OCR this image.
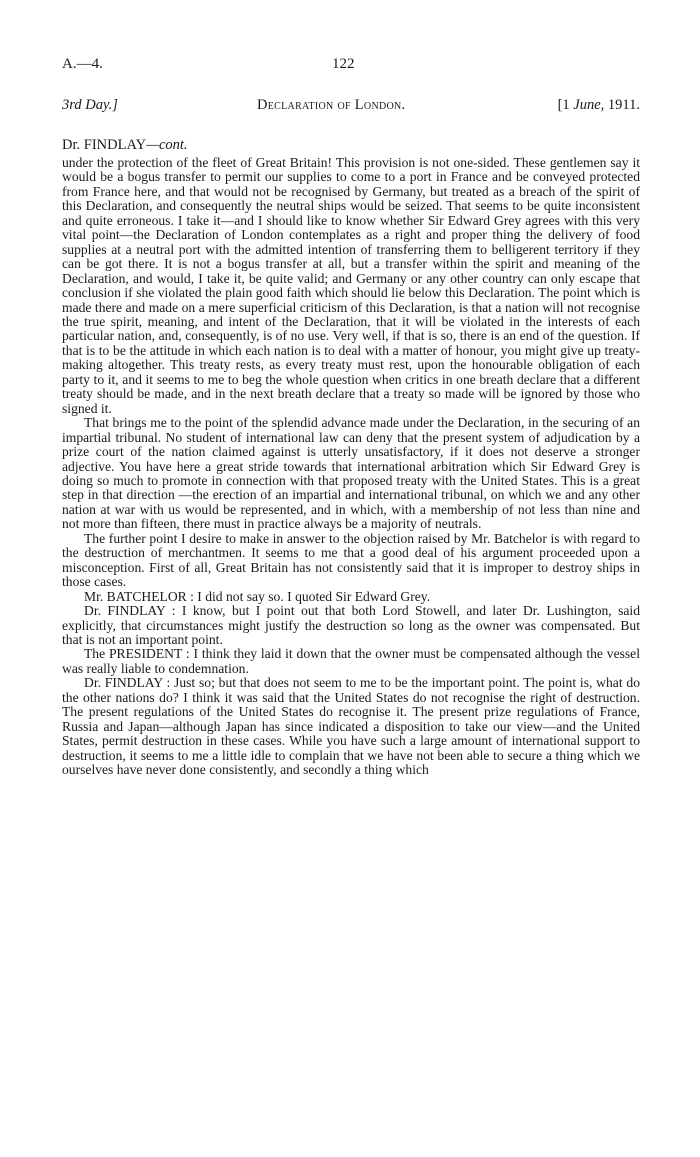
A.—4.	122
3rd Day.]	Declaration of London.	[1 June, 1911.
Dr. FINDLAY—cont.

under the protection of the fleet of Great Britain! This provision is not one-sided. These gentlemen say it would be a bogus transfer to permit our supplies to come to a port in France and be conveyed protected from France here, and that would not be recognised by Germany, but treated as a breach of the spirit of this Declaration, and consequently the neutral ships would be seized. That seems to be quite inconsistent and quite erroneous. I take it—and I should like to know whether Sir Edward Grey agrees with this very vital point—the Declaration of London contemplates as a right and proper thing the delivery of food supplies at a neutral port with the admitted intention of transferring them to belligerent territory if they can be got there. It is not a bogus transfer at all, but a transfer within the spirit and meaning of the Declaration, and would, I take it, be quite valid; and Germany or any other country can only escape that conclusion if she violated the plain good faith which should lie below this Declaration. The point which is made there and made on a mere superficial criticism of this Declaration, is that a nation will not recognise the true spirit, meaning, and intent of the Declaration, that it will be violated in the interests of each particular nation, and, consequently, is of no use. Very well, if that is so, there is an end of the question. If that is to be the attitude in which each nation is to deal with a matter of honour, you might give up treaty-making altogether. This treaty rests, as every treaty must rest, upon the honourable obligation of each party to it, and it seems to me to beg the whole question when critics in one breath declare that a different treaty should be made, and in the next breath declare that a treaty so made will be ignored by those who signed it.

That brings me to the point of the splendid advance made under the Declaration, in the securing of an impartial tribunal. No student of international law can deny that the present system of adjudication by a prize court of the nation claimed against is utterly unsatisfactory, if it does not deserve a stronger adjective. You have here a great stride towards that international arbitration which Sir Edward Grey is doing so much to promote in connection with that proposed treaty with the United States. This is a great step in that direction —the erection of an impartial and international tribunal, on which we and any other nation at war with us would be represented, and in which, with a membership of not less than nine and not more than fifteen, there must in practice always be a majority of neutrals.

The further point I desire to make in answer to the objection raised by Mr. Batchelor is with regard to the destruction of merchantmen. It seems to me that a good deal of his argument proceeded upon a misconception. First of all, Great Britain has not consistently said that it is improper to destroy ships in those cases.

Mr. BATCHELOR : I did not say so. I quoted Sir Edward Grey.

Dr. FINDLAY : I know, but I point out that both Lord Stowell, and later Dr. Lushington, said explicitly, that circumstances might justify the destruction so long as the owner was compensated. But that is not an important point.

The PRESIDENT : I think they laid it down that the owner must be compensated although the vessel was really liable to condemnation.

Dr. FINDLAY : Just so; but that does not seem to me to be the important point. The point is, what do the other nations do? I think it was said that the United States do not recognise the right of destruction. The present regulations of the United States do recognise it. The present prize regulations of France, Russia and Japan—although Japan has since indicated a disposition to take our view—and the United States, permit destruction in these cases. While you have such a large amount of international support to destruction, it seems to me a little idle to complain that we have not been able to secure a thing which we ourselves have never done consistently, and secondly a thing which
